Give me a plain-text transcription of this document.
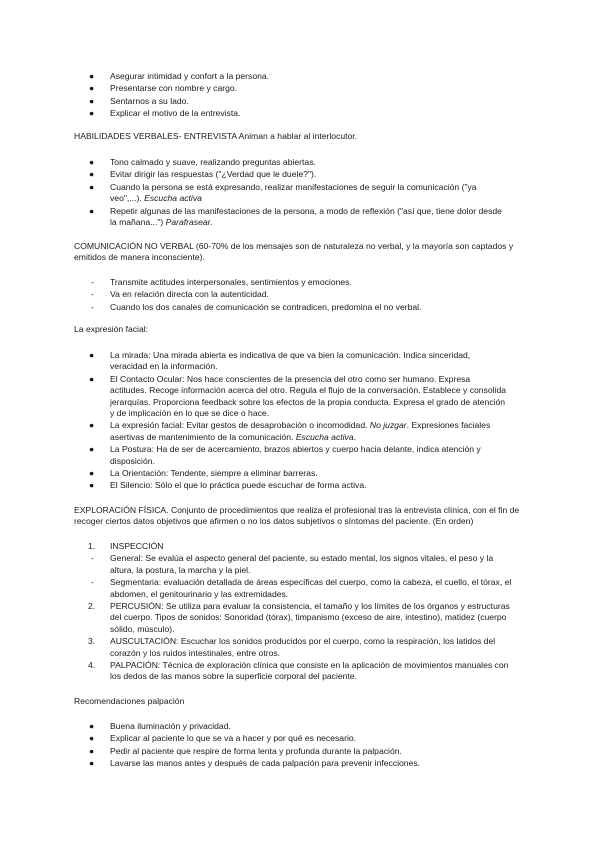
● Asegurar intimidad y confort a la persona.
● Presentarse con nombre y cargo.
● Sentarnos a su lado.
● Explicar el motivo de la entrevista.
HABILIDADES VERBALES- ENTREVISTA Animan a hablar al interlocutor.
● Tono calmado y suave, realizando preguntas abiertas.
● Evitar dirigir las respuestas ("¿Verdad que le duele?").
● Cuando la persona se está expresando, realizar manifestaciones de seguir la comunicación ("ya veo",...). Escucha activa
● Repetir algunas de las manifestaciones de la persona, a modo de reflexión ("así que, tiene dolor desde la mañana...") Parafrasear.
COMUNICACIÓN NO VERBAL (60-70% de los mensajes son de naturaleza no verbal, y la mayoría son captados y emitidos de manera inconsciente).
- Transmite actitudes interpersonales, sentimientos y emociones.
- Va en relación directa con la autenticidad.
- Cuando los dos canales de comunicación se contradicen, predomina el no verbal.
La expresión facial:
● La mirada: Una mirada abierta es indicativa de que va bien la comunicación. Indica sinceridad, veracidad en la información.
● El Contacto Ocular: Nos hace conscientes de la presencia del otro como ser humano. Expresa actitudes. Recoge información acerca del otro. Regula el flujo de la conversación. Establece y consolida jerarquías. Proporciona feedback sobre los efectos de la propia conducta. Expresa el grado de atención y de implicación en lo que se dice o hace.
● La expresión facial: Evitar gestos de desaprobación o incomodidad. No juzgar. Expresiones faciales asertivas de mantenimiento de la comunicación. Escucha activa.
● La Postura: Ha de ser de acercamiento, brazos abiertos y cuerpo hacia delante, indica atención y disposición.
● La Orientación: Tendente, siempre a eliminar barreras.
● El Silencio: Sólo el que lo práctica puede escuchar de forma activa.
EXPLORACIÓN FÍSICA. Conjunto de procedimientos que realiza el profesional tras la entrevista clínica, con el fin de recoger ciertos datos objetivos que afirmen o no los datos subjetivos o síntomas del paciente. (En orden)
1. INSPECCIÓN
- General: Se evalúa el aspecto general del paciente, su estado mental, los signos vitales, el peso y la altura, la postura, la marcha y la piel.
- Segmentaria: evaluación detallada de áreas específicas del cuerpo, como la cabeza, el cuello, el tórax, el abdomen, el genitourinario y las extremidades.
2. PERCUSIÓN: Se utiliza para evaluar la consistencia, el tamaño y los límites de los órganos y estructuras del cuerpo. Tipos de sonidos: Sonoridad (tórax), timpanismo (exceso de aire, intestino), matidez (cuerpo sólido, músculo).
3. AUSCULTACIÓN: Escuchar los sonidos producidos por el cuerpo, como la respiración, los latidos del corazón y los ruidos intestinales, entre otros.
4. PALPACIÓN: Técnica de exploración clínica que consiste en la aplicación de movimientos manuales con los dedos de las manos sobre la superficie corporal del paciente.
Recomendaciones palpación
● Buena iluminación y privacidad.
● Explicar al paciente lo que se va a hacer y por qué es necesario.
● Pedir al paciente que respire de forma lenta y profunda durante la palpación.
● Lavarse las manos antes y después de cada palpación para prevenir infecciones.
